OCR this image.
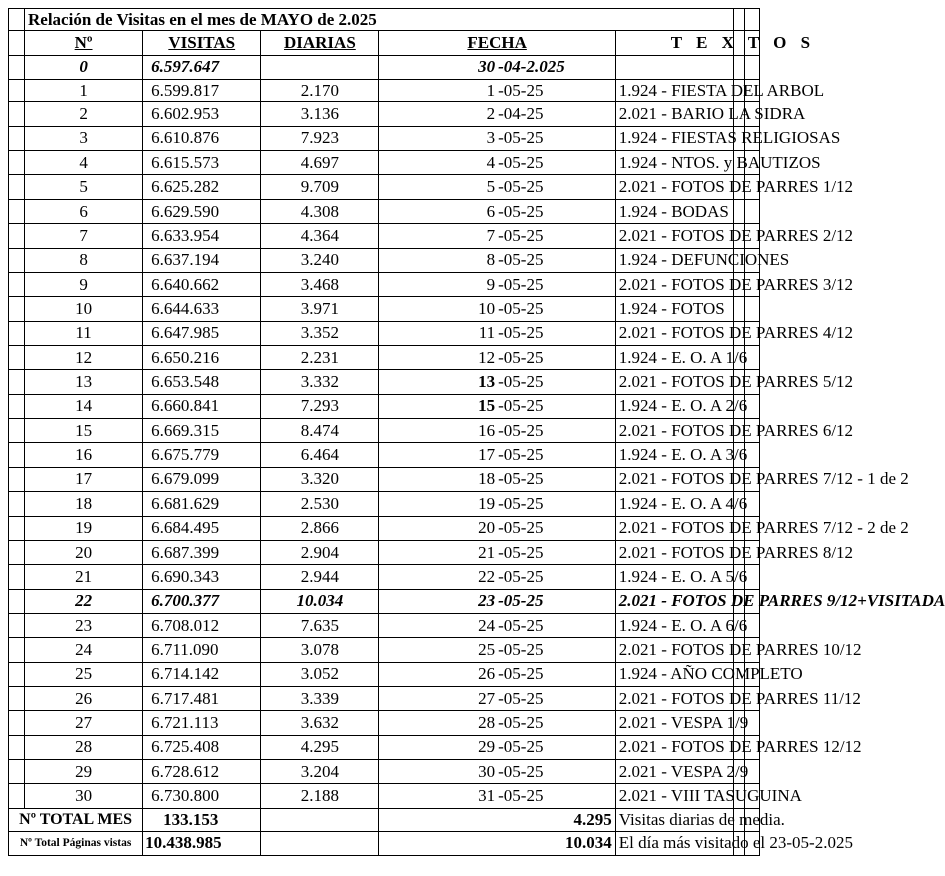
	Relación de Visitas en el mes de MAYO de 2.025							
	Nº	VISITAS	DIARIAS	FECHA		T E X T O S		
	0	6.597.647		30	-04-2.025			
	1	6.599.817	2.170	1	-05-25	1.924 - FIESTA DEL ARBOL		
	2	6.602.953	3.136	2	-04-25	2.021 - BARIO LA SIDRA		
	3	6.610.876	7.923	3	-05-25	1.924 - FIESTAS RELIGIOSAS		
	4	6.615.573	4.697	4	-05-25	1.924 - NTOS. y BAUTIZOS		
	5	6.625.282	9.709	5	-05-25	2.021 - FOTOS DE PARRES 1/12		
	6	6.629.590	4.308	6	-05-25	1.924 - BODAS		
	7	6.633.954	4.364	7	-05-25	2.021 - FOTOS DE PARRES 2/12		
	8	6.637.194	3.240	8	-05-25	1.924 - DEFUNCIONES		
	9	6.640.662	3.468	9	-05-25	2.021 - FOTOS DE PARRES 3/12		
	10	6.644.633	3.971	10	-05-25	1.924 - FOTOS		
	11	6.647.985	3.352	11	-05-25	2.021 - FOTOS DE PARRES 4/12		
	12	6.650.216	2.231	12	-05-25	1.924 - E. O. A 1/6		
	13	6.653.548	3.332	13	-05-25	2.021 - FOTOS DE PARRES 5/12		
	14	6.660.841	7.293	15	-05-25	1.924 - E. O. A 2/6		
	15	6.669.315	8.474	16	-05-25	2.021 - FOTOS DE PARRES 6/12		
	16	6.675.779	6.464	17	-05-25	1.924 - E. O. A 3/6		
	17	6.679.099	3.320	18	-05-25	2.021 - FOTOS DE PARRES 7/12 - 1 de 2		
	18	6.681.629	2.530	19	-05-25	1.924 - E. O. A 4/6		
	19	6.684.495	2.866	20	-05-25	2.021 - FOTOS DE PARRES 7/12 - 2 de 2		
	20	6.687.399	2.904	21	-05-25	2.021 - FOTOS DE PARRES 8/12		
	21	6.690.343	2.944	22	-05-25	1.924 - E. O. A 5/6		
	22	6.700.377	10.034	23	-05-25	2.021 - FOTOS DE PARRES 9/12+VISITADA		
	23	6.708.012	7.635	24	-05-25	1.924 - E. O. A 6/6		
	24	6.711.090	3.078	25	-05-25	2.021 - FOTOS DE PARRES 10/12		
	25	6.714.142	3.052	26	-05-25	1.924 - AÑO COMPLETO		
	26	6.717.481	3.339	27	-05-25	2.021 - FOTOS DE PARRES 11/12		
	27	6.721.113	3.632	28	-05-25	2.021 - VESPA 1/9		
	28	6.725.408	4.295	29	-05-25	2.021 - FOTOS DE PARRES 12/12		
	29	6.728.612	3.204	30	-05-25	2.021 - VESPA 2/9		
	30	6.730.800	2.188	31	-05-25	2.021 - VIII TASUGUINA		
Nº TOTAL MES		133.153		4.295		Visitas diarias de media.		
Nº Total Páginas vistas		10.438.985		10.034		El día más visitado el 23-05-2.025		
